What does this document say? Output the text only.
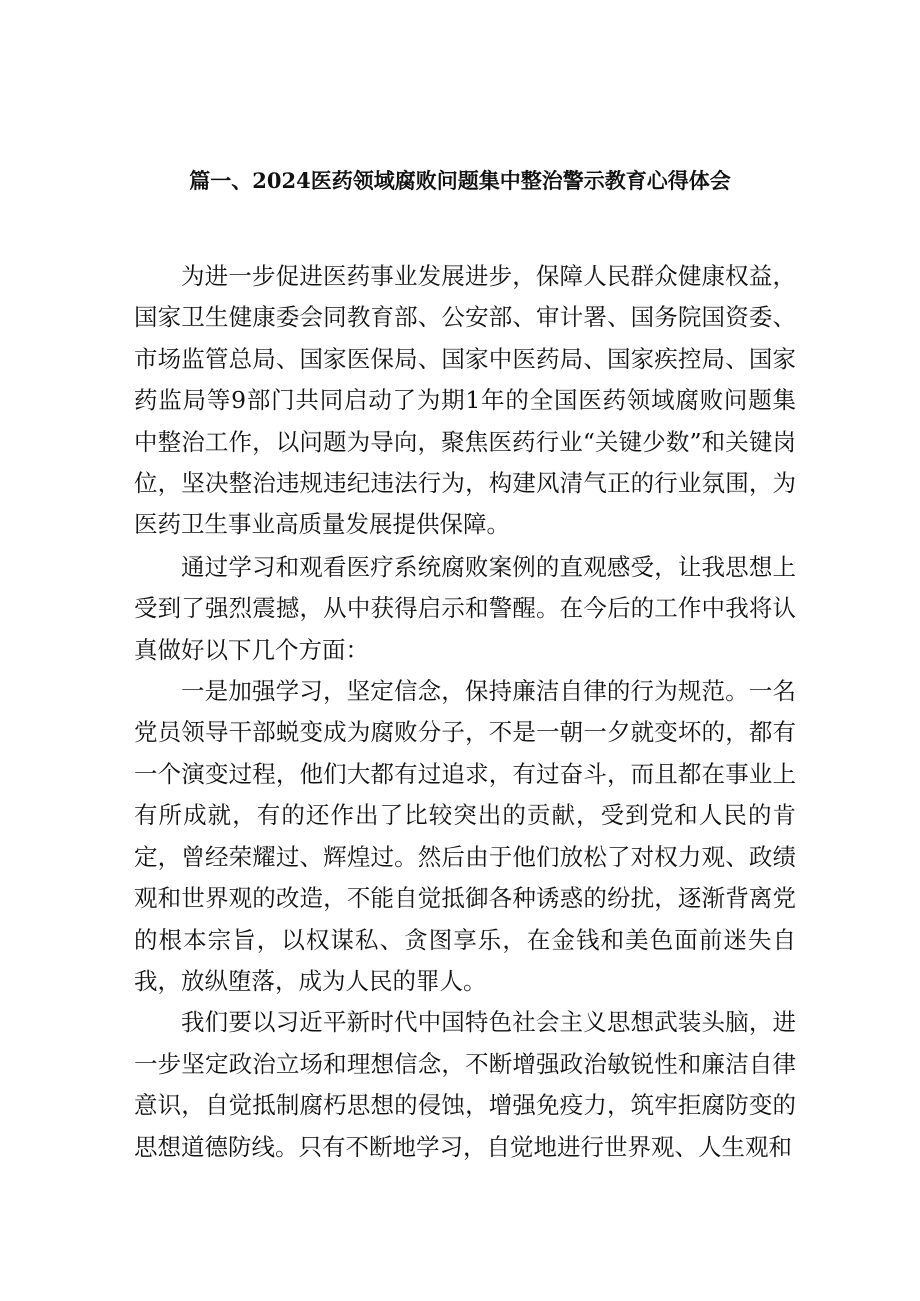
篇一、2024医药领域腐败问题集中整治警示教育心得体会

为进一步促进医药事业发展进步，保障人民群众健康权益，国家卫生健康委会同教育部、公安部、审计署、国务院国资委、市场监管总局、国家医保局、国家中医药局、国家疾控局、国家药监局等9部门共同启动了为期1年的全国医药领域腐败问题集中整治工作，以问题为导向，聚焦医药行业“关键少数”和关键岗位，坚决整治违规违纪违法行为，构建风清气正的行业氛围，为医药卫生事业高质量发展提供保障。

通过学习和观看医疗系统腐败案例的直观感受，让我思想上受到了强烈震撼，从中获得启示和警醒。在今后的工作中我将认真做好以下几个方面：

一是加强学习，坚定信念，保持廉洁自律的行为规范。一名党员领导干部蜕变成为腐败分子，不是一朝一夕就变坏的，都有一个演变过程，他们大都有过追求，有过奋斗，而且都在事业上有所成就，有的还作出了比较突出的贡献，受到党和人民的肯定，曾经荣耀过、辉煌过。然后由于他们放松了对权力观、政绩观和世界观的改造，不能自觉抵御各种诱惑的纷扰，逐渐背离党的根本宗旨，以权谋私、贪图享乐，在金钱和美色面前迷失自我，放纵堕落，成为人民的罪人。

我们要以习近平新时代中国特色社会主义思想武装头脑，进一步坚定政治立场和理想信念，不断增强政治敏锐性和廉洁自律意识，自觉抵制腐朽思想的侵蚀，增强免疫力，筑牢拒腐防变的思想道德防线。只有不断地学习，自觉地进行世界观、人生观和
